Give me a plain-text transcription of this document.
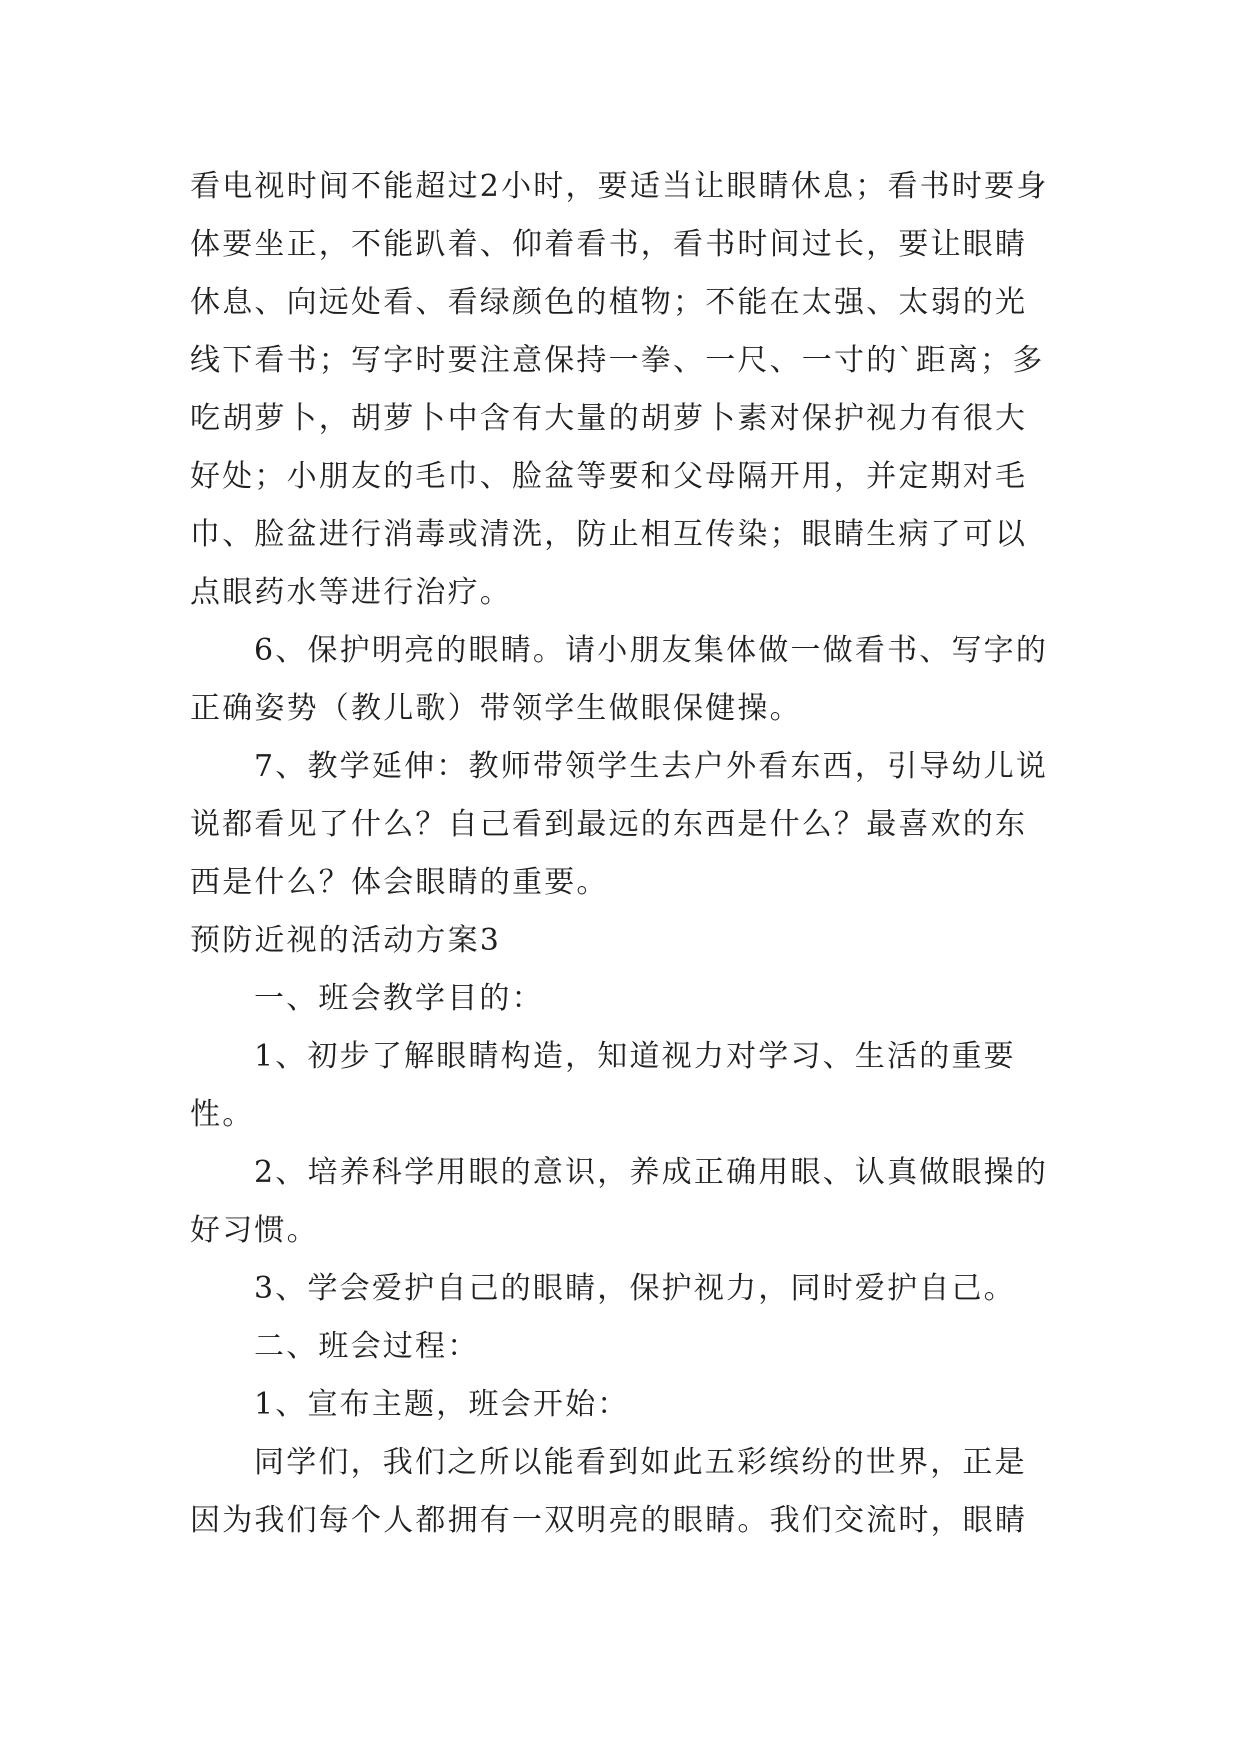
看电视时间不能超过2小时，要适当让眼睛休息；看书时要身体要坐正，不能趴着、仰着看书，看书时间过长，要让眼睛休息、向远处看、看绿颜色的植物；不能在太强、太弱的光线下看书；写字时要注意保持一拳、一尺、一寸的`距离；多吃胡萝卜，胡萝卜中含有大量的胡萝卜素对保护视力有很大好处；小朋友的毛巾、脸盆等要和父母隔开用，并定期对毛巾、脸盆进行消毒或清洗，防止相互传染；眼睛生病了可以点眼药水等进行治疗。

6、保护明亮的眼睛。请小朋友集体做一做看书、写字的正确姿势（教儿歌）带领学生做眼保健操。

7、教学延伸：教师带领学生去户外看东西，引导幼儿说说都看见了什么？自己看到最远的东西是什么？最喜欢的东西是什么？体会眼睛的重要。

预防近视的活动方案3

一、班会教学目的：

1、初步了解眼睛构造，知道视力对学习、生活的重要性。

2、培养科学用眼的意识，养成正确用眼、认真做眼操的好习惯。

3、学会爱护自己的眼睛，保护视力，同时爱护自己。

二、班会过程：

1、宣布主题，班会开始：

同学们，我们之所以能看到如此五彩缤纷的世界，正是因为我们每个人都拥有一双明亮的眼睛。我们交流时，眼睛
